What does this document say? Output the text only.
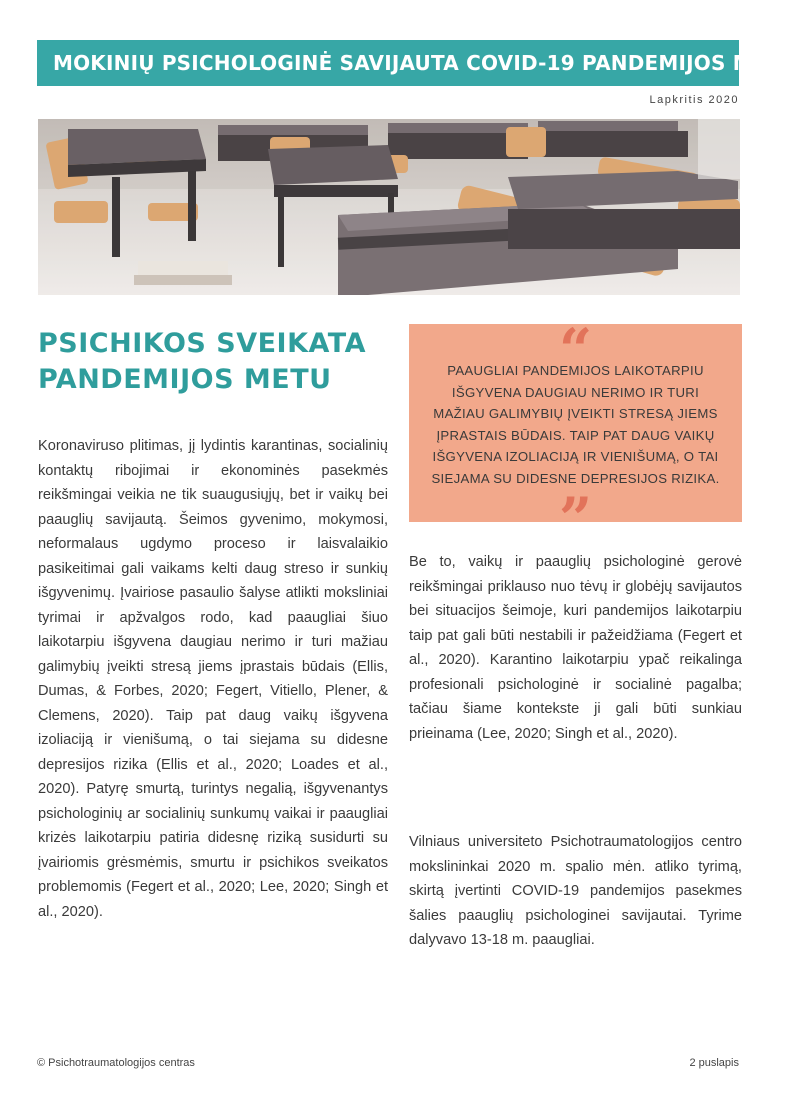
MOKINIŲ PSICHOLOGINĖ SAVIJAUTA COVID-19 PANDEMIJOS METU
Lapkritis 2020
PSICHIKOS SVEIKATA
PANDEMIJOS METU

Koronaviruso plitimas, jį lydintis karantinas, socialinių kontaktų ribojimai ir ekonominės pasekmės reikšmingai veikia ne tik suaugusiųjų, bet ir vaikų bei paauglių savijautą. Šeimos gyvenimo, mokymosi, neformalaus ugdymo proceso ir laisvalaikio pasikeitimai gali vaikams kelti daug streso ir sunkių išgyvenimų. Įvairiose pasaulio šalyse atlikti moksliniai tyrimai ir apžvalgos rodo, kad paaugliai šiuo laikotarpiu išgyvena daugiau nerimo ir turi mažiau galimybių įveikti stresą jiems įprastais būdais (Ellis, Dumas, & Forbes, 2020; Fegert, Vitiello, Plener, & Clemens, 2020). Taip pat daug vaikų išgyvena izoliaciją ir vienišumą, o tai siejama su didesne depresijos rizika (Ellis et al., 2020; Loades et al., 2020). Patyrę smurtą, turintys negalią, išgyvenantys psichologinių ar socialinių sunkumų vaikai ir paaugliai krizės laikotarpiu patiria didesnę riziką susidurti su įvairiomis grėsmėmis, smurtu ir psichikos sveikatos problemomis (Fegert et al., 2020; Lee, 2020; Singh et al., 2020).

“
PAAUGLIAI PANDEMIJOS LAIKOTARPIU IŠGYVENA DAUGIAU NERIMO IR TURI MAŽIAU GALIMYBIŲ ĮVEIKTI STRESĄ JIEMS ĮPRASTAIS BŪDAIS. TAIP PAT DAUG VAIKŲ IŠGYVENA IZOLIACIJĄ IR VIENIŠUMĄ, O TAI SIEJAMA SU DIDESNE DEPRESIJOS RIZIKA.
”

Be to, vaikų ir paauglių psichologinė gerovė reikšmingai priklauso nuo tėvų ir globėjų savijautos bei situacijos šeimoje, kuri pandemijos laikotarpiu taip pat gali būti nestabili ir pažeidžiama (Fegert et al., 2020). Karantino laikotarpiu ypač reikalinga profesionali psichologinė ir socialinė pagalba; tačiau šiame kontekste ji gali būti sunkiau prieinama (Lee, 2020; Singh et al., 2020).

Vilniaus universiteto Psichotraumatologijos centro mokslininkai 2020 m. spalio mėn. atliko tyrimą, skirtą įvertinti COVID-19 pandemijos pasekmes šalies paauglių psichologinei savijautai. Tyrime dalyvavo 13-18 m. paaugliai.

© Psichotraumatologijos centras	2 puslapis
